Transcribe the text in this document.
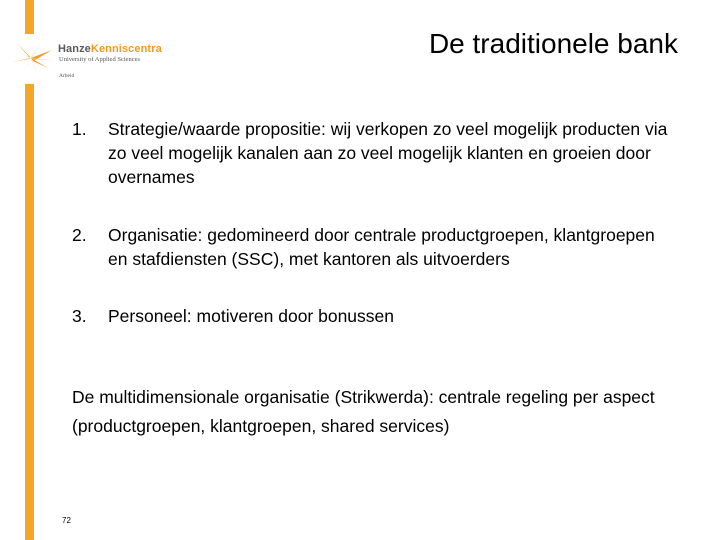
HanzeKenniscentra
University of Applied Sciences
Arbeid
De traditionele bank
1. Strategie/waarde propositie: wij verkopen zo veel mogelijk producten via zo veel mogelijk kanalen aan zo veel mogelijk klanten en groeien door overnames
2. Organisatie: gedomineerd door centrale productgroepen, klantgroepen en stafdiensten (SSC), met kantoren als uitvoerders
3. Personeel: motiveren door bonussen

De multidimensionale organisatie (Strikwerda): centrale regeling per aspect (productgroepen, klantgroepen, shared services)

72
